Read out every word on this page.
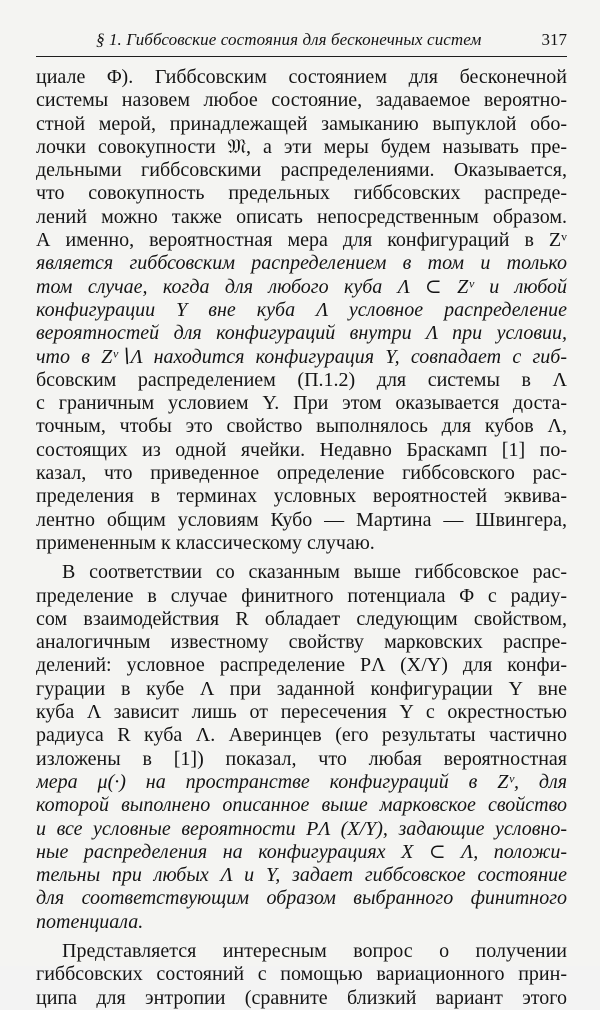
§ 1. Гиббсовские состояния для бесконечных систем	317
циале Φ). Гиббсовским состоянием для бесконечной
системы назовем любое состояние, задаваемое вероятно-
стной мерой, принадлежащей замыканию выпуклой обо-
лочки совокупности 𝔐, а эти меры будем называть пре-
дельными гиббсовскими распределениями. Оказывается,
что совокупность предельных гиббсовских распреде-
лений можно также описать непосредственным образом.
А именно, вероятностная мера для конфигураций в Zᵛ
является гиббсовским распределением в том и только
том случае, когда для любого куба Λ ⊂ Zᵛ и любой
конфигурации Y вне куба Λ условное распределение
вероятностей для конфигураций внутри Λ при условии,
что в Zᵛ∖Λ находится конфигурация Y, совпадает с гиб-
бсовским распределением (П.1.2) для системы в Λ
с граничным условием Y. При этом оказывается доста-
точным, чтобы это свойство выполнялось для кубов Λ,
состоящих из одной ячейки. Недавно Браскамп [1] по-
казал, что приведенное определение гиббсовского рас-
пределения в терминах условных вероятностей эквива-
лентно общим условиям Кубо — Мартина — Швингера,
примененным к классическому случаю.
В соответствии со сказанным выше гиббсовское рас-
пределение в случае финитного потенциала Φ с радиу-
сом взаимодействия R обладает следующим свойством,
аналогичным известному свойству марковских распре-
делений: условное распределение PΛ (X/Y) для конфи-
гурации в кубе Λ при заданной конфигурации Y вне
куба Λ зависит лишь от пересечения Y с окрестностью
радиуса R куба Λ. Аверинцев (его результаты частично
изложены в [1]) показал, что любая вероятностная
мера μ(·) на пространстве конфигураций в Zᵛ, для
которой выполнено описанное выше марковское свойство
и все условные вероятности PΛ (X/Y), задающие условно-
ные распределения на конфигурациях X ⊂ Λ, положи-
тельны при любых Λ и Y, задает гиббсовское состояние
для соответствующим образом выбранного финитного
потенциала.
Представляется интересным вопрос о получении
гиббсовских состояний с помощью вариационного прин-
ципа для энтропии (сравните близкий вариант этого
